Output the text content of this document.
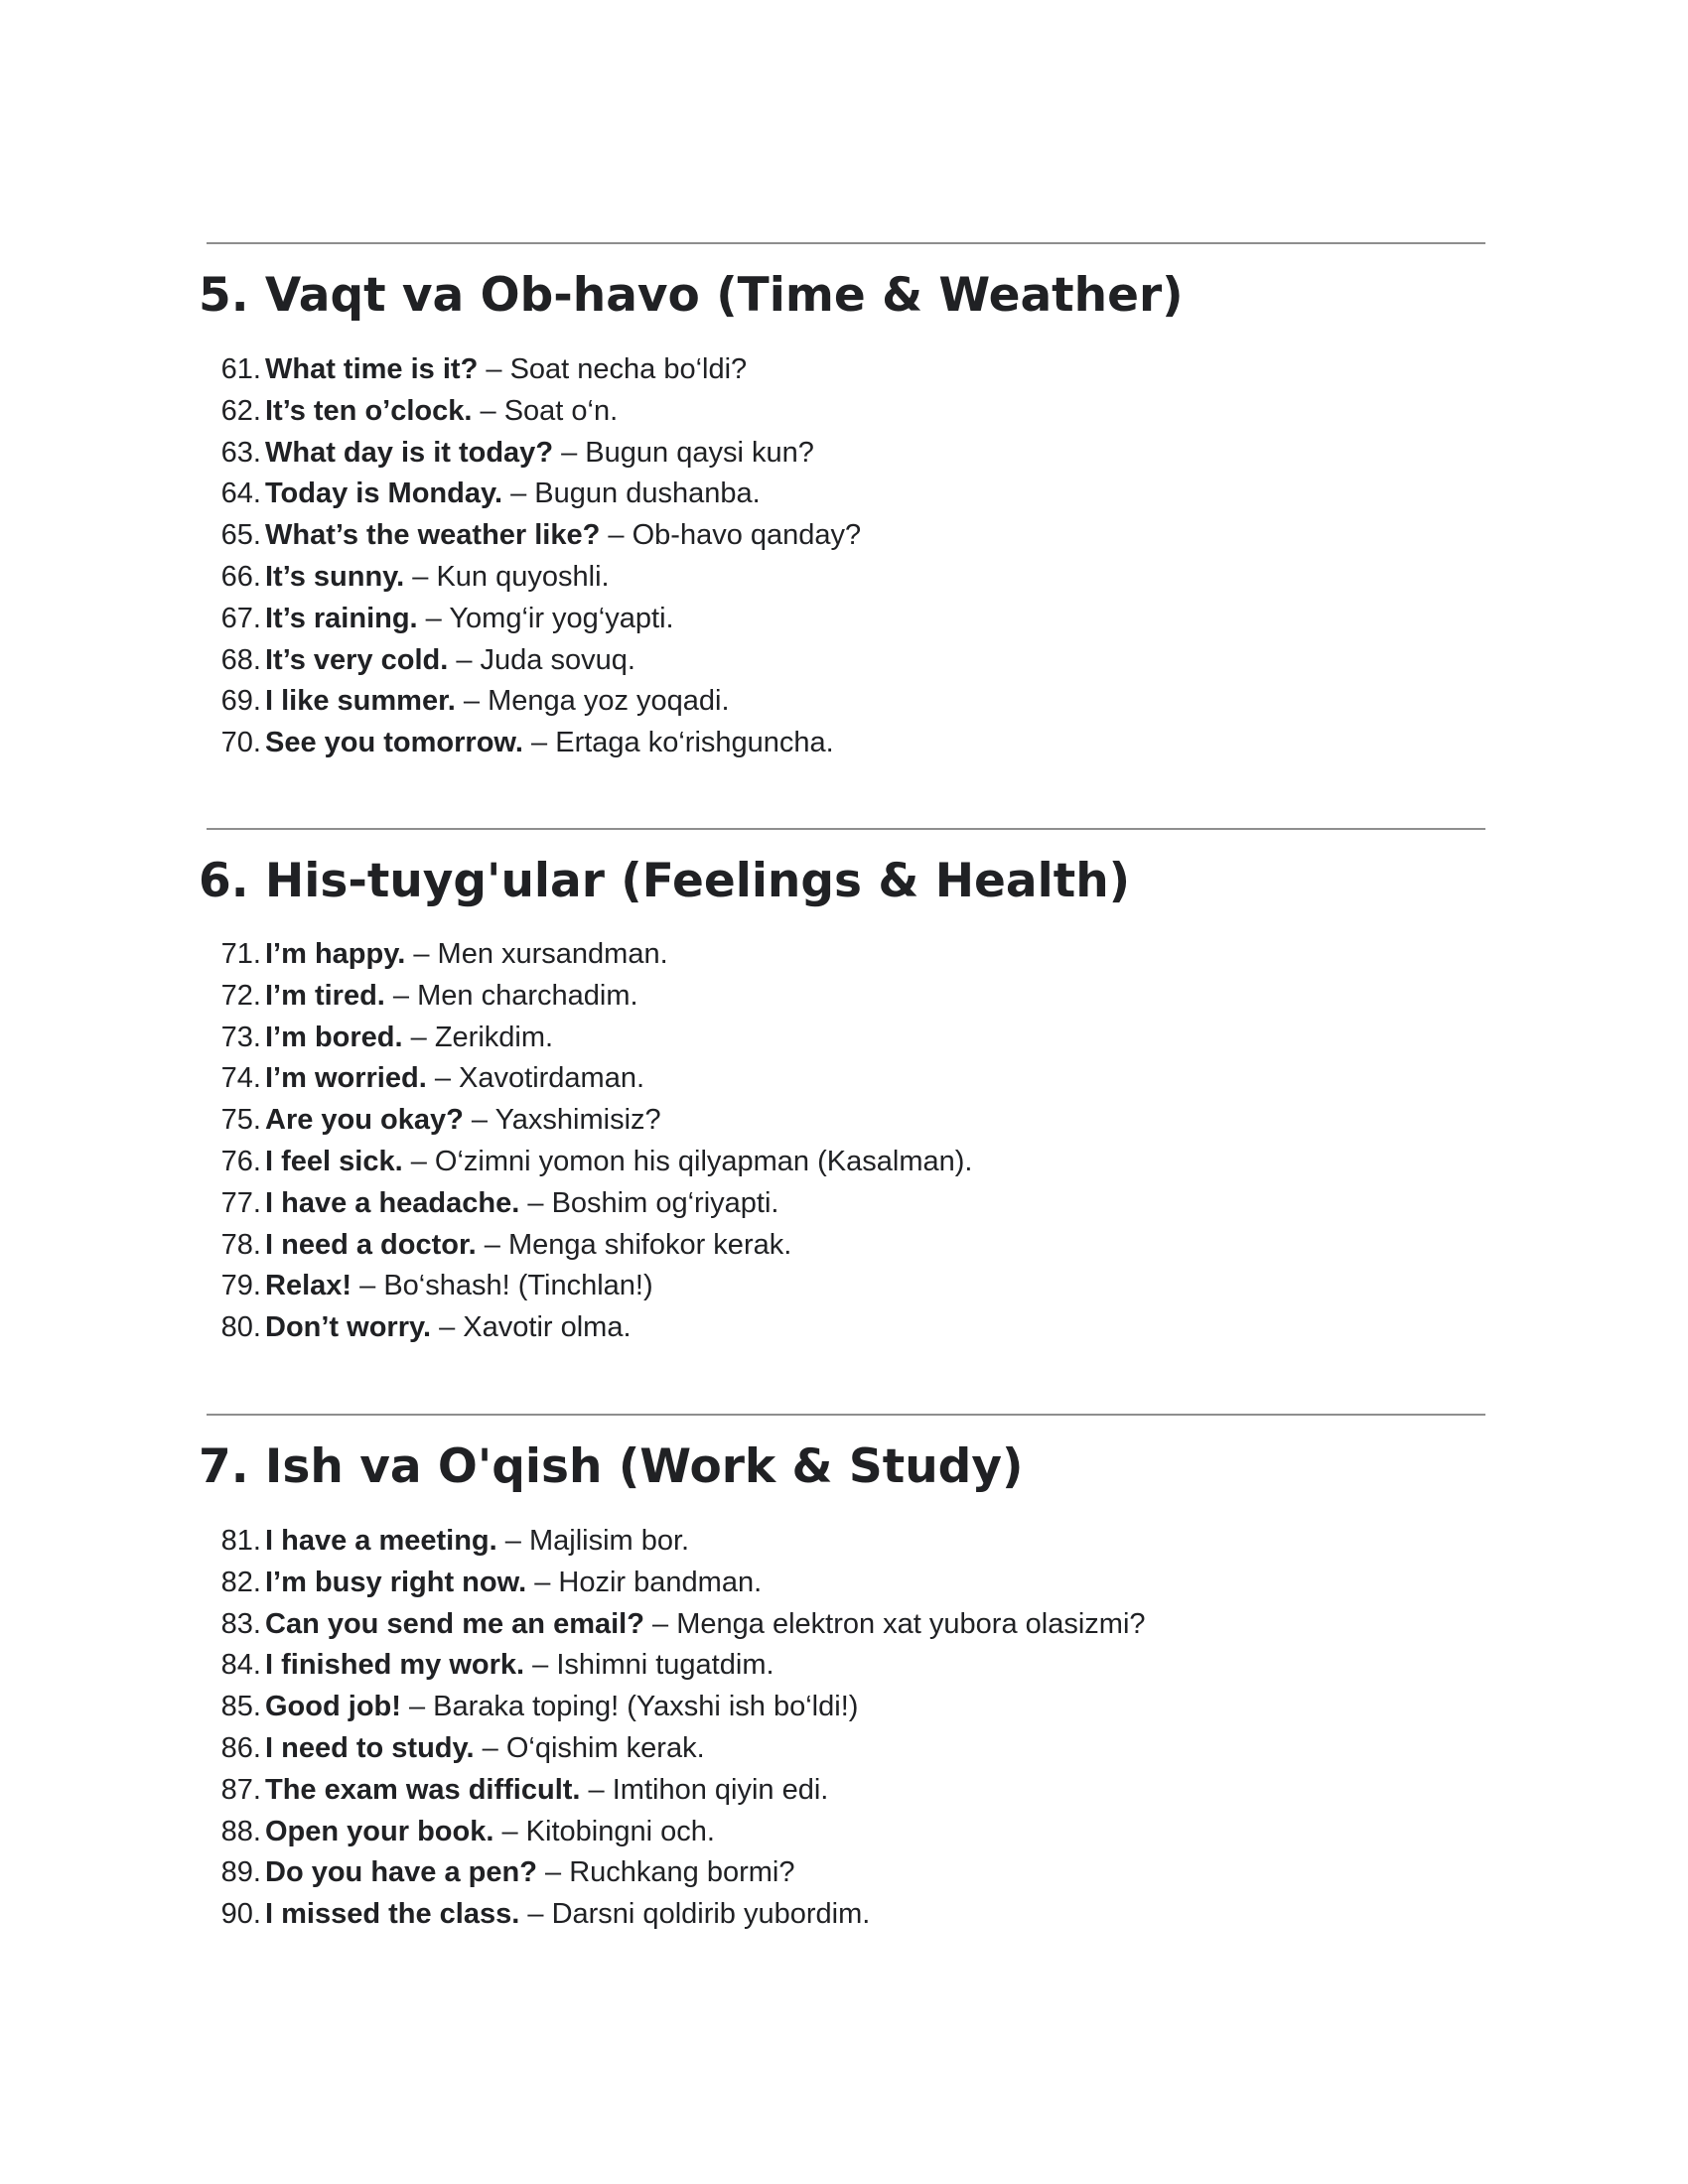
5. Vaqt va Ob-havo (Time & Weather)
61. What time is it? – Soat necha bo‘ldi?
62. It’s ten o’clock. – Soat o‘n.
63. What day is it today? – Bugun qaysi kun?
64. Today is Monday. – Bugun dushanba.
65. What’s the weather like? – Ob-havo qanday?
66. It’s sunny. – Kun quyoshli.
67. It’s raining. – Yomg‘ir yog‘yapti.
68. It’s very cold. – Juda sovuq.
69. I like summer. – Menga yoz yoqadi.
70. See you tomorrow. – Ertaga ko‘rishguncha.
6. His-tuyg'ular (Feelings & Health)
71. I’m happy. – Men xursandman.
72. I’m tired. – Men charchadim.
73. I’m bored. – Zerikdim.
74. I’m worried. – Xavotirdaman.
75. Are you okay? – Yaxshimisiz?
76. I feel sick. – O‘zimni yomon his qilyapman (Kasalman).
77. I have a headache. – Boshim og‘riyapti.
78. I need a doctor. – Menga shifokor kerak.
79. Relax! – Bo‘shash! (Tinchlan!)
80. Don’t worry. – Xavotir olma.
7. Ish va O'qish (Work & Study)
81. I have a meeting. – Majlisim bor.
82. I’m busy right now. – Hozir bandman.
83. Can you send me an email? – Menga elektron xat yubora olasizmi?
84. I finished my work. – Ishimni tugatdim.
85. Good job! – Baraka toping! (Yaxshi ish bo‘ldi!)
86. I need to study. – O‘qishim kerak.
87. The exam was difficult. – Imtihon qiyin edi.
88. Open your book. – Kitobingni och.
89. Do you have a pen? – Ruchkang bormi?
90. I missed the class. – Darsni qoldirib yubordim.
